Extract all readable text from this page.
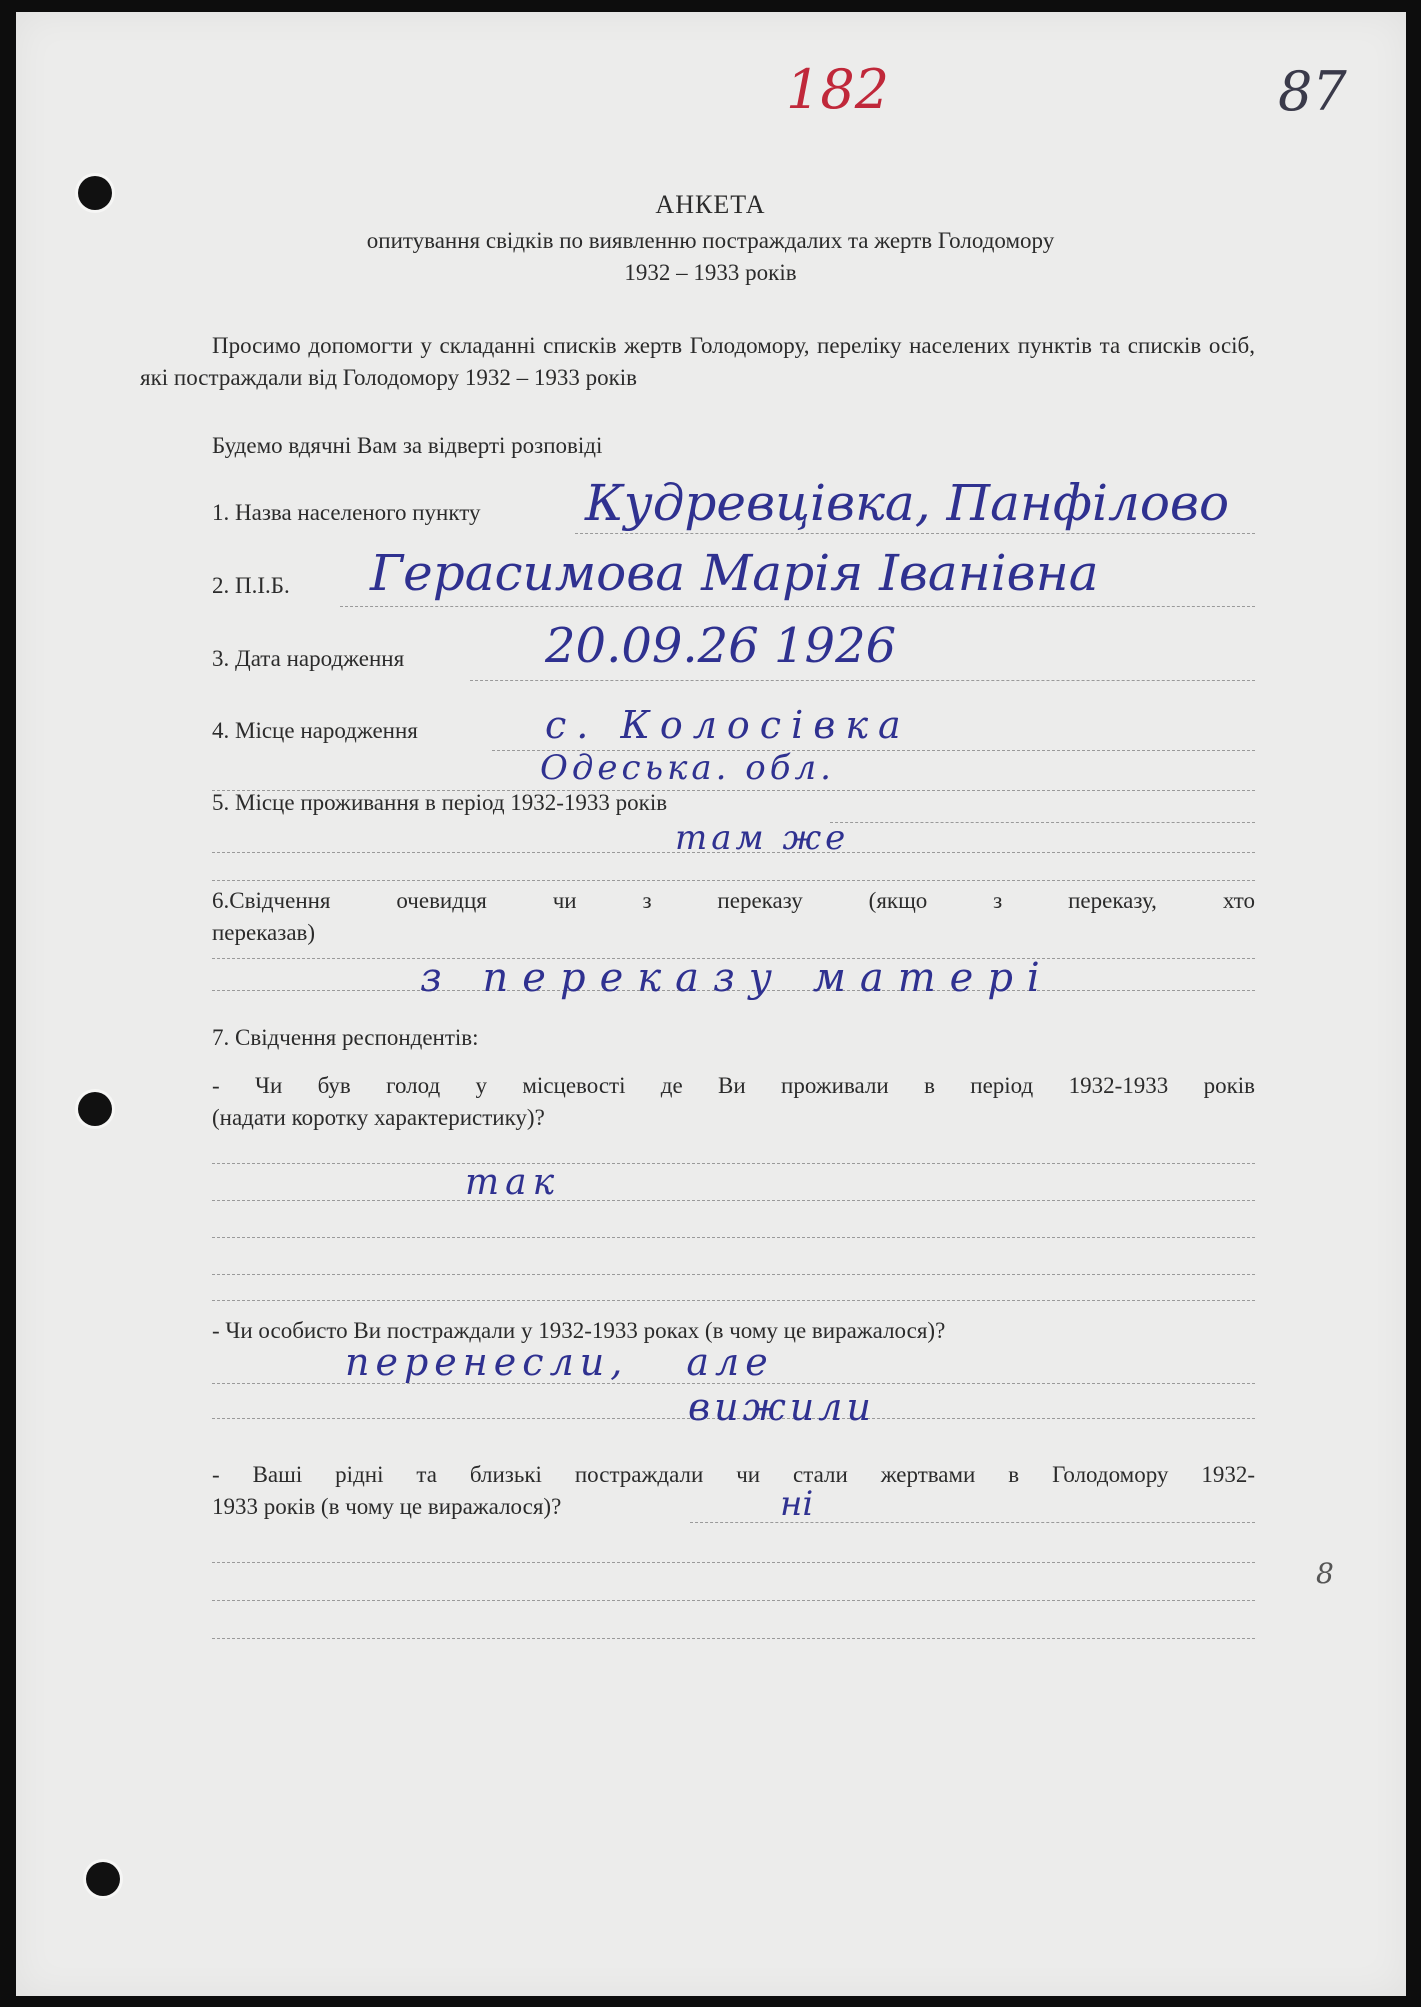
182	87
8
АНКЕТА
опитування свідків по виявленню постраждалих та жертв Голодомору
1932 – 1933 років
Просимо допомогти у складанні списків жертв Голодомору, переліку населених пунктів та списків осіб, які постраждали від Голодомору 1932 – 1933 років
Будемо вдячні Вам за відверті розповіді
1. Назва населеного пункту Кудревцівка, Панфілово
2. П.І.Б. Герасимова Марія Іванівна
3. Дата народження	20.09.26 1926
4. Місце народження	с. Колосівка
Одеська. обл.
5. Місце проживання в період 1932-1933 років
там же
6.Свідчення очевидця чи з переказу (якщо з переказу, хто
переказав)
з переказу матері
7. Свідчення респондентів:
- Чи був голод у місцевості де Ви проживали в період 1932-1933 років
(надати коротку характеристику)?
так
- Чи особисто Ви постраждали у 1932-1933 роках (в чому це виражалося)?
перенесли, але
вижили
- Ваші рідні та близькі постраждали чи стали жертвами в Голодомору 1932-
1933 років (в чому це виражалося)?	ні
